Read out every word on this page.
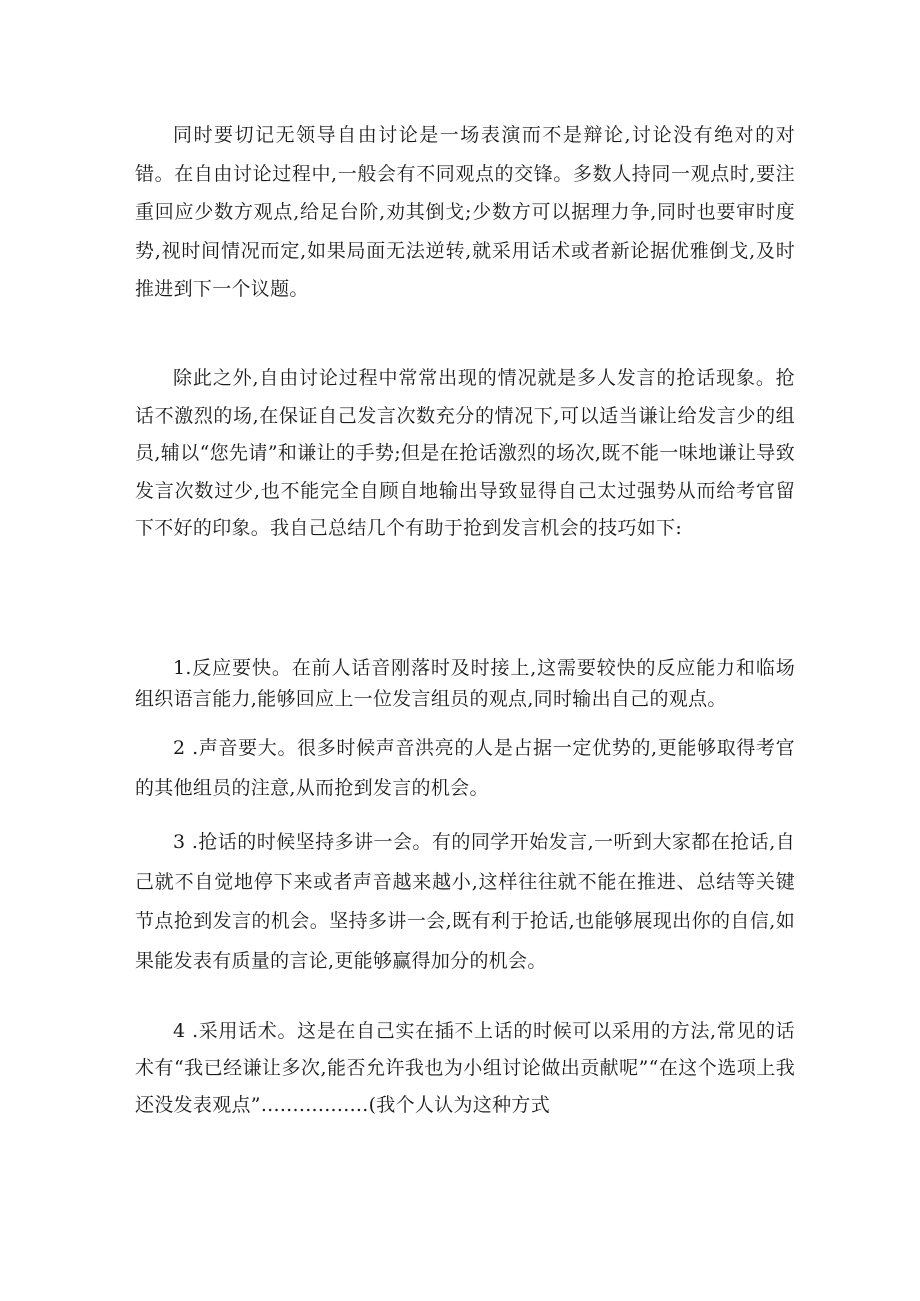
同时要切记无领导自由讨论是一场表演而不是辩论,讨论没有绝对的对错。在自由讨论过程中,一般会有不同观点的交锋。多数人持同一观点时,要注重回应少数方观点,给足台阶,劝其倒戈;少数方可以据理力争,同时也要审时度势,视时间情况而定,如果局面无法逆转,就采用话术或者新论据优雅倒戈,及时推进到下一个议题。

除此之外,自由讨论过程中常常出现的情况就是多人发言的抢话现象。抢话不激烈的场,在保证自己发言次数充分的情况下,可以适当谦让给发言少的组员,辅以“您先请”和谦让的手势;但是在抢话激烈的场次,既不能一味地谦让导致发言次数过少,也不能完全自顾自地输出导致显得自己太过强势从而给考官留下不好的印象。我自己总结几个有助于抢到发言机会的技巧如下:

1.反应要快。在前人话音刚落时及时接上,这需要较快的反应能力和临场组织语言能力,能够回应上一位发言组员的观点,同时输出自己的观点。

2 .声音要大。很多时候声音洪亮的人是占据一定优势的,更能够取得考官的其他组员的注意,从而抢到发言的机会。

3 .抢话的时候坚持多讲一会。有的同学开始发言,一听到大家都在抢话,自己就不自觉地停下来或者声音越来越小,这样往往就不能在推进、总结等关键节点抢到发言的机会。坚持多讲一会,既有利于抢话,也能够展现出你的自信,如果能发表有质量的言论,更能够赢得加分的机会。

4 .采用话术。这是在自己实在插不上话的时候可以采用的方法,常见的话术有“我已经谦让多次,能否允许我也为小组讨论做出贡献呢”“在这个选项上我还没发表观点”.................(我个人认为这种方式
